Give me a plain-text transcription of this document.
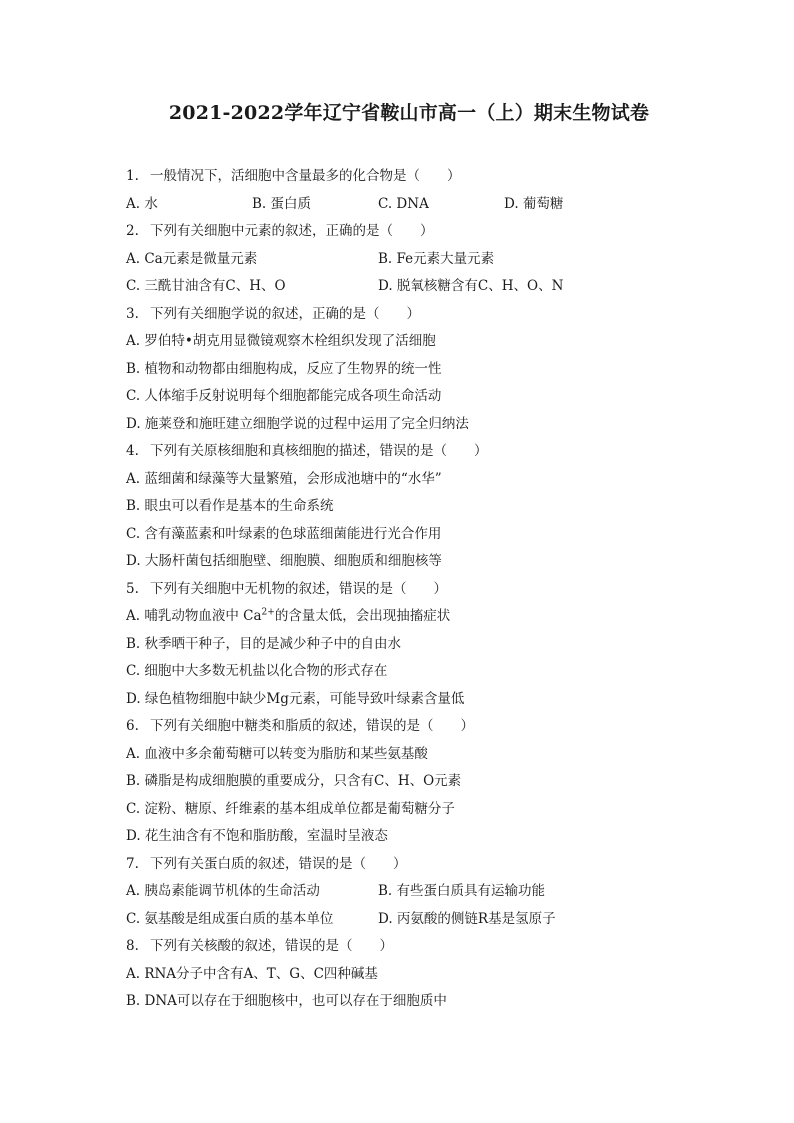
2021-2022学年辽宁省鞍山市高一（上）期末生物试卷
1. 一般情况下，活细胞中含量最多的化合物是（　　）
A. 水	B. 蛋白质	C. DNA	D. 葡萄糖
2. 下列有关细胞中元素的叙述，正确的是（　　）
A. Ca元素是微量元素	B. Fe元素大量元素
C. 三酰甘油含有C、H、O	D. 脱氧核糖含有C、H、O、N
3. 下列有关细胞学说的叙述，正确的是（　　）
A. 罗伯特•胡克用显微镜观察木栓组织发现了活细胞
B. 植物和动物都由细胞构成，反应了生物界的统一性
C. 人体缩手反射说明每个细胞都能完成各项生命活动
D. 施莱登和施旺建立细胞学说的过程中运用了完全归纳法
4. 下列有关原核细胞和真核细胞的描述，错误的是（　　）
A. 蓝细菌和绿藻等大量繁殖，会形成池塘中的“水华”
B. 眼虫可以看作是基本的生命系统
C. 含有藻蓝素和叶绿素的色球蓝细菌能进行光合作用
D. 大肠杆菌包括细胞壁、细胞膜、细胞质和细胞核等
5. 下列有关细胞中无机物的叙述，错误的是（　　）
A. 哺乳动物血液中 $Ca^{2+}$的含量太低，会出现抽搐症状
B. 秋季晒干种子，目的是减少种子中的自由水
C. 细胞中大多数无机盐以化合物的形式存在
D. 绿色植物细胞中缺少Mg元素，可能导致叶绿素含量低
6. 下列有关细胞中糖类和脂质的叙述，错误的是（　　）
A. 血液中多余葡萄糖可以转变为脂肪和某些氨基酸
B. 磷脂是构成细胞膜的重要成分，只含有C、H、O元素
C. 淀粉、糖原、纤维素的基本组成单位都是葡萄糖分子
D. 花生油含有不饱和脂肪酸，室温时呈液态
7. 下列有关蛋白质的叙述，错误的是（　　）
A. 胰岛素能调节机体的生命活动	B. 有些蛋白质具有运输功能
C. 氨基酸是组成蛋白质的基本单位	D. 丙氨酸的侧链R基是氢原子
8. 下列有关核酸的叙述，错误的是（　　）
A. RNA分子中含有A、T、G、C四种碱基
B. DNA可以存在于细胞核中，也可以存在于细胞质中
